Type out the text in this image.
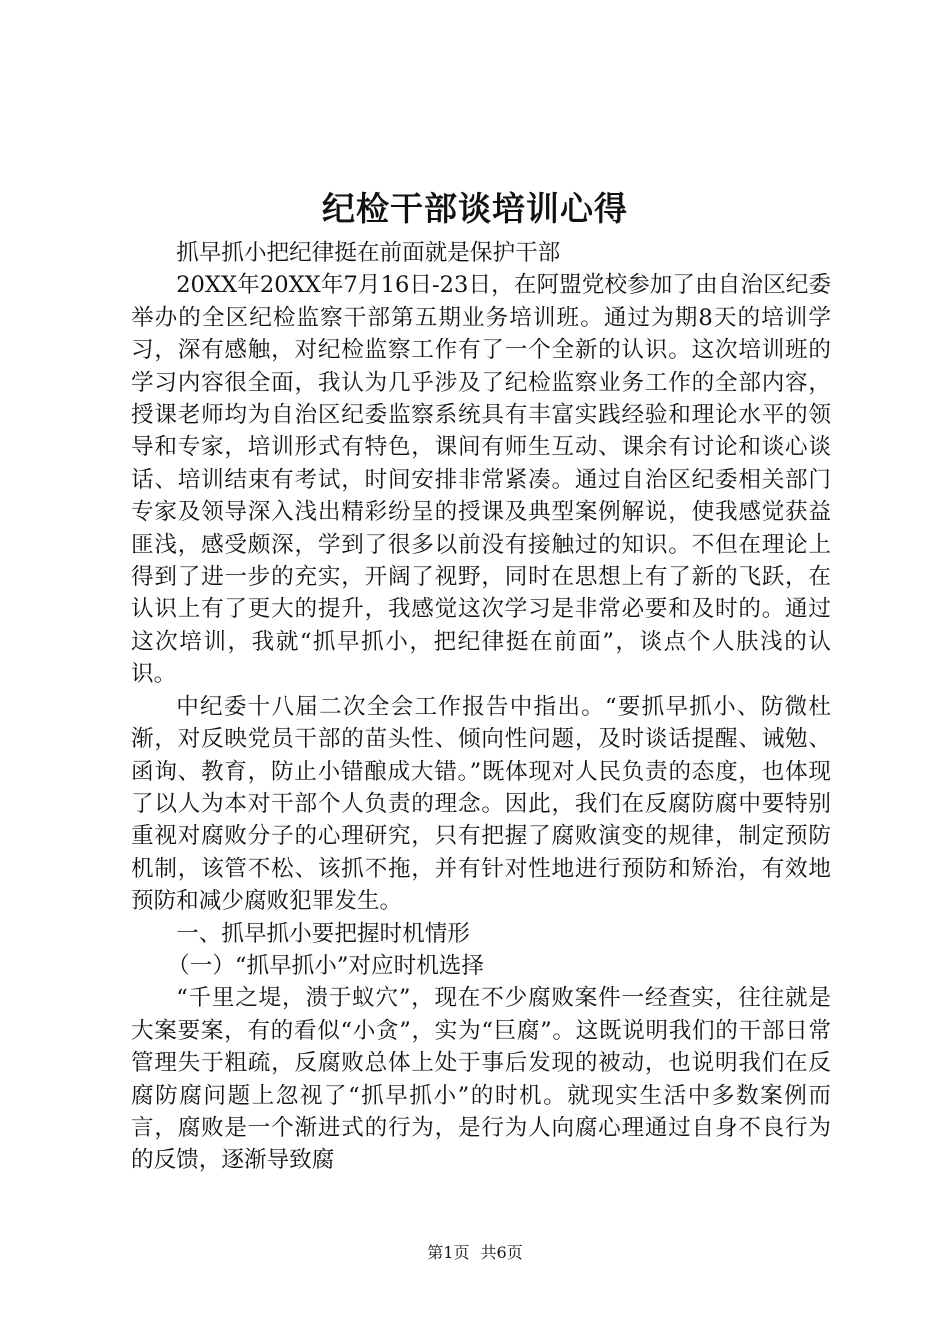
纪检干部谈培训心得

抓早抓小把纪律挺在前面就是保护干部

20XX年20XX年7月16日-23日，在阿盟党校参加了由自治区纪委举办的全区纪检监察干部第五期业务培训班。通过为期8天的培训学习，深有感触，对纪检监察工作有了一个全新的认识。这次培训班的学习内容很全面，我认为几乎涉及了纪检监察业务工作的全部内容，授课老师均为自治区纪委监察系统具有丰富实践经验和理论水平的领导和专家，培训形式有特色，课间有师生互动、课余有讨论和谈心谈话、培训结束有考试，时间安排非常紧凑。通过自治区纪委相关部门专家及领导深入浅出精彩纷呈的授课及典型案例解说，使我感觉获益匪浅，感受颇深，学到了很多以前没有接触过的知识。不但在理论上得到了进一步的充实，开阔了视野，同时在思想上有了新的飞跃，在认识上有了更大的提升，我感觉这次学习是非常必要和及时的。通过这次培训，我就“抓早抓小，把纪律挺在前面”，谈点个人肤浅的认识。

中纪委十八届二次全会工作报告中指出。“要抓早抓小、防微杜渐，对反映党员干部的苗头性、倾向性问题，及时谈话提醒、诫勉、函询、教育，防止小错酿成大错。”既体现对人民负责的态度，也体现了以人为本对干部个人负责的理念。因此，我们在反腐防腐中要特别重视对腐败分子的心理研究，只有把握了腐败演变的规律，制定预防机制，该管不松、该抓不拖，并有针对性地进行预防和矫治，有效地预防和减少腐败犯罪发生。

一、抓早抓小要把握时机情形

（一）“抓早抓小”对应时机选择

“千里之堤，溃于蚁穴”，现在不少腐败案件一经查实，往往就是大案要案，有的看似“小贪”，实为“巨腐”。这既说明我们的干部日常管理失于粗疏，反腐败总体上处于事后发现的被动，也说明我们在反腐防腐问题上忽视了“抓早抓小”的时机。就现实生活中多数案例而言，腐败是一个渐进式的行为，是行为人向腐心理通过自身不良行为的反馈，逐渐导致腐

第1页 共6页
